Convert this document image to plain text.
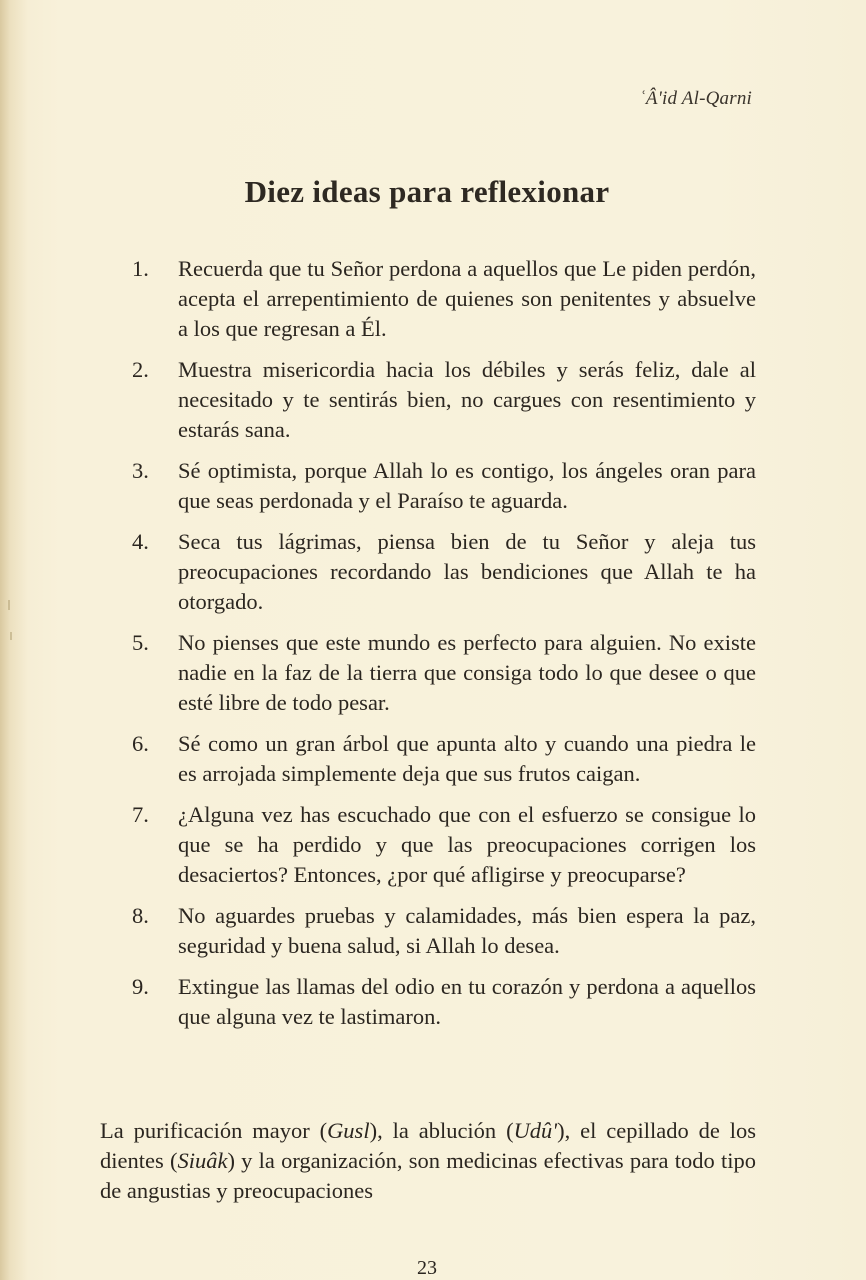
ʿÂ'id Al-Qarni
Diez ideas para reflexionar
1.	Recuerda que tu Señor perdona a aquellos que Le piden perdón, acepta el arrepentimiento de quienes son penitentes y absuelve a los que regresan a Él.
2.	Muestra misericordia hacia los débiles y serás feliz, dale al necesitado y te sentirás bien, no cargues con resentimiento y estarás sana.
3.	Sé optimista, porque Allah lo es contigo, los ángeles oran para que seas perdonada y el Paraíso te aguarda.
4.	Seca tus lágrimas, piensa bien de tu Señor y aleja tus preocupaciones recordando las bendiciones que Allah te ha otorgado.
5.	No pienses que este mundo es perfecto para alguien. No existe nadie en la faz de la tierra que consiga todo lo que desee o que esté libre de todo pesar.
6.	Sé como un gran árbol que apunta alto y cuando una piedra le es arrojada simplemente deja que sus frutos caigan.
7.	¿Alguna vez has escuchado que con el esfuerzo se consigue lo que se ha perdido y que las preocupaciones corrigen los desaciertos? Entonces, ¿por qué afligirse y preocuparse?
8.	No aguardes pruebas y calamidades, más bien espera la paz, seguridad y buena salud, si Allah lo desea.
9.	Extingue las llamas del odio en tu corazón y perdona a aquellos que alguna vez te lastimaron.

La purificación mayor (Gusl), la ablución (Udû'), el cepillado de los dientes (Siuâk) y la organización, son medicinas efectivas para todo tipo de angustias y preocupaciones

23
